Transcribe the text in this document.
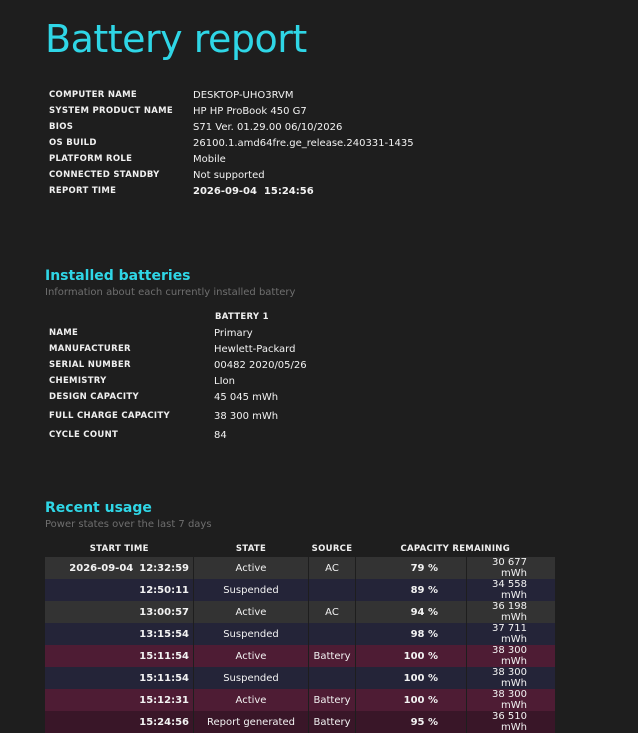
Battery report
COMPUTER NAME	DESKTOP-UHO3RVM
SYSTEM PRODUCT NAME	HP HP ProBook 450 G7
BIOS	S71 Ver. 01.29.00 06/10/2026
OS BUILD	26100.1.amd64fre.ge_release.240331-1435
PLATFORM ROLE	Mobile
CONNECTED STANDBY	Not supported
REPORT TIME	2026-09-04  15:24:56
Installed batteries

Information about each currently installed battery

BATTERY 1
NAME	Primary
MANUFACTURER	Hewlett-Packard
SERIAL NUMBER	00482 2020/05/26
CHEMISTRY	LIon
DESIGN CAPACITY	45 045 mWh
FULL CHARGE CAPACITY	38 300 mWh
CYCLE COUNT	84
Recent usage

Power states over the last 7 days

START TIME	STATE	SOURCE	CAPACITY REMAINING	
2026-09-04 12:32:59	Active	AC	79 %	30 677 mWh
12:50:11	Suspended		89 %	34 558 mWh
13:00:57	Active	AC	94 %	36 198 mWh
13:15:54	Suspended		98 %	37 711 mWh
15:11:54	Active	Battery	100 %	38 300 mWh
15:11:54	Suspended		100 %	38 300 mWh
15:12:31	Active	Battery	100 %	38 300 mWh
15:24:56	Report generated	Battery	95 %	36 510 mWh
